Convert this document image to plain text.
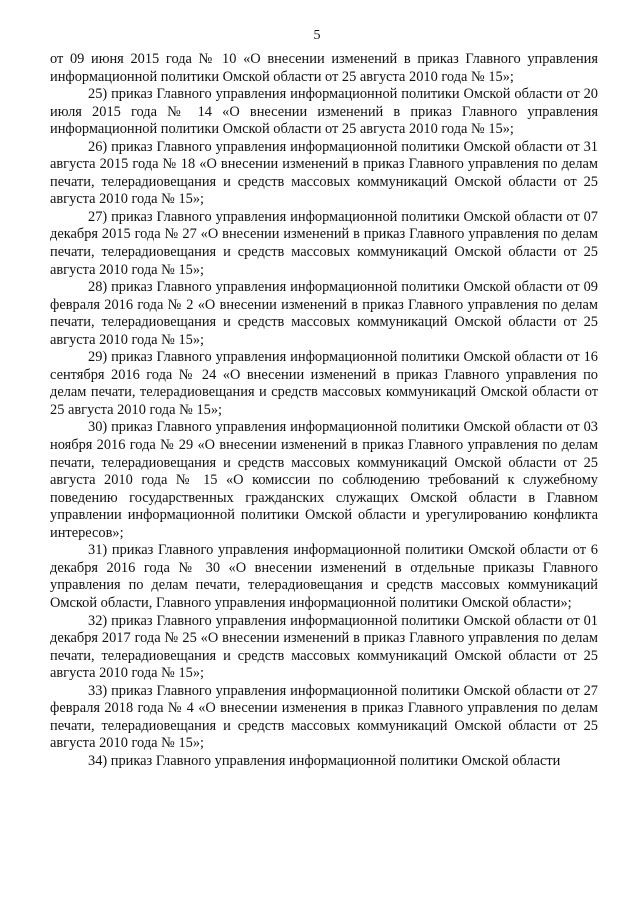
5

от 09 июня 2015 года № 10 «О внесении изменений в приказ Главного управления информационной политики Омской области от 25 августа 2010 года № 15»;

25) приказ Главного управления информационной политики Омской области от 20 июля 2015 года № 14 «О внесении изменений в приказ Главного управления информационной политики Омской области от 25 августа 2010 года № 15»;

26) приказ Главного управления информационной политики Омской области от 31 августа 2015 года № 18 «О внесении изменений в приказ Главного управления по делам печати, телерадиовещания и средств массовых коммуникаций Омской области от 25 августа 2010 года № 15»;

27) приказ Главного управления информационной политики Омской области от 07 декабря 2015 года № 27 «О внесении изменений в приказ Главного управления по делам печати, телерадиовещания и средств массовых коммуникаций Омской области от 25 августа 2010 года № 15»;

28) приказ Главного управления информационной политики Омской области от 09 февраля 2016 года № 2 «О внесении изменений в приказ Главного управления по делам печати, телерадиовещания и средств массовых коммуникаций Омской области от 25 августа 2010 года № 15»;

29) приказ Главного управления информационной политики Омской области от 16 сентября 2016 года № 24 «О внесении изменений в приказ Главного управления по делам печати, телерадиовещания и средств массовых коммуникаций Омской области от 25 августа 2010 года № 15»;

30) приказ Главного управления информационной политики Омской области от 03 ноября 2016 года № 29 «О внесении изменений в приказ Главного управления по делам печати, телерадиовещания и средств массовых коммуникаций Омской области от 25 августа 2010 года № 15 «О комиссии по соблюдению требований к служебному поведению государственных гражданских служащих Омской области в Главном управлении информационной политики Омской области и урегулированию конфликта интересов»;

31) приказ Главного управления информационной политики Омской области от 6 декабря 2016 года № 30 «О внесении изменений в отдельные приказы Главного управления по делам печати, телерадиовещания и средств массовых коммуникаций Омской области, Главного управления информационной политики Омской области»;

32) приказ Главного управления информационной политики Омской области от 01 декабря 2017 года № 25 «О внесении изменений в приказ Главного управления по делам печати, телерадиовещания и средств массовых коммуникаций Омской области от 25 августа 2010 года № 15»;

33) приказ Главного управления информационной политики Омской области от 27 февраля 2018 года № 4 «О внесении изменения в приказ Главного управления по делам печати, телерадиовещания и средств массовых коммуникаций Омской области от 25 августа 2010 года № 15»;

34) приказ Главного управления информационной политики Омской области
